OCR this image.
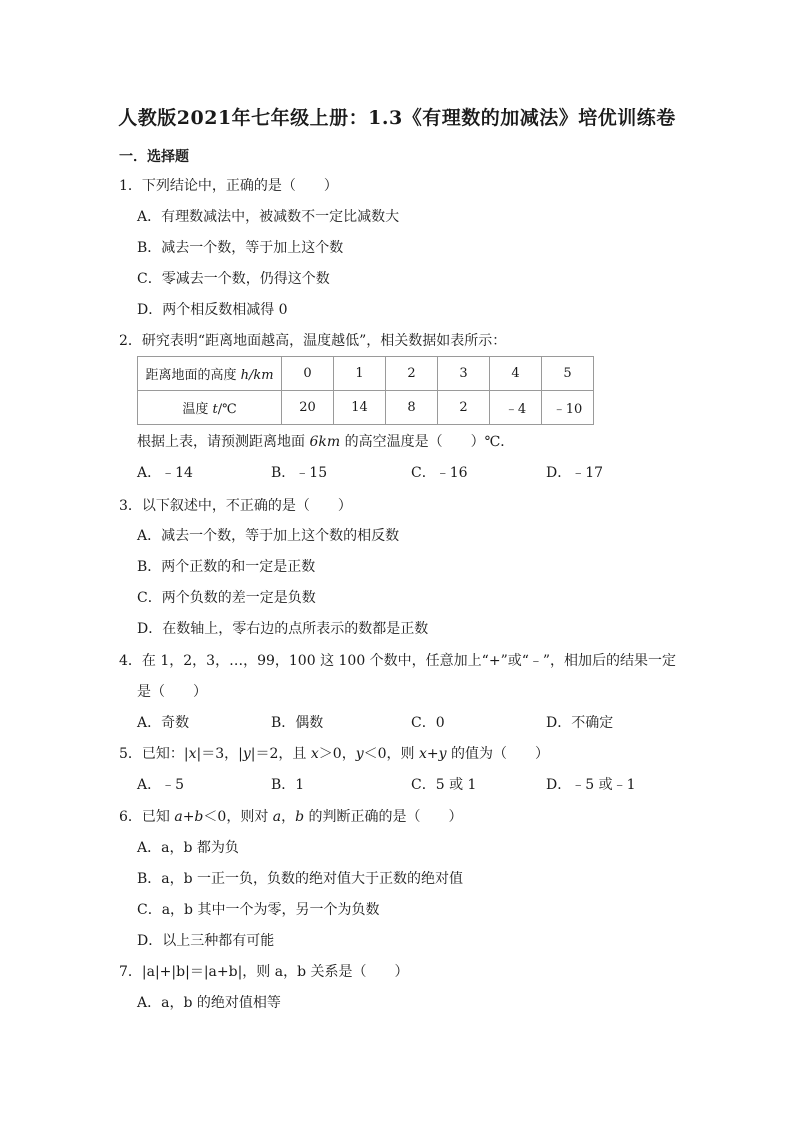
人教版2021年七年级上册：1.3《有理数的加减法》培优训练卷
一．选择题
1．下列结论中，正确的是（　　）
A．有理数减法中，被减数不一定比减数大
B．减去一个数，等于加上这个数
C．零减去一个数，仍得这个数
D．两个相反数相减得 0
2．研究表明“距离地面越高，温度越低”，相关数据如表所示：
距离地面的高度 h/km	0	1	2	3	4	5
温度 t/℃	20	14	8	2	﹣4	﹣10
根据上表，请预测距离地面 6km 的高空温度是（　　）℃．
A．﹣14	B．﹣15	C．﹣16	D．﹣17
3．以下叙述中，不正确的是（　　）
A．减去一个数，等于加上这个数的相反数
B．两个正数的和一定是正数
C．两个负数的差一定是负数
D．在数轴上，零右边的点所表示的数都是正数
4．在 1，2，3，…，99，100 这 100 个数中，任意加上“+”或“﹣”，相加后的结果一定
是（　　）
A．奇数	B．偶数	C．0	D．不确定
5．已知：|x|＝3，|y|＝2，且 x＞0，y＜0，则 x+y 的值为（　　）
A．﹣5	B．1	C．5 或 1	D．﹣5 或﹣1
6．已知 a+b＜0，则对 a，b 的判断正确的是（　　）
A．a，b 都为负
B．a，b 一正一负，负数的绝对值大于正数的绝对值
C．a，b 其中一个为零，另一个为负数
D．以上三种都有可能
7．|a|+|b|＝|a+b|，则 a，b 关系是（　　）
A．a，b 的绝对值相等
